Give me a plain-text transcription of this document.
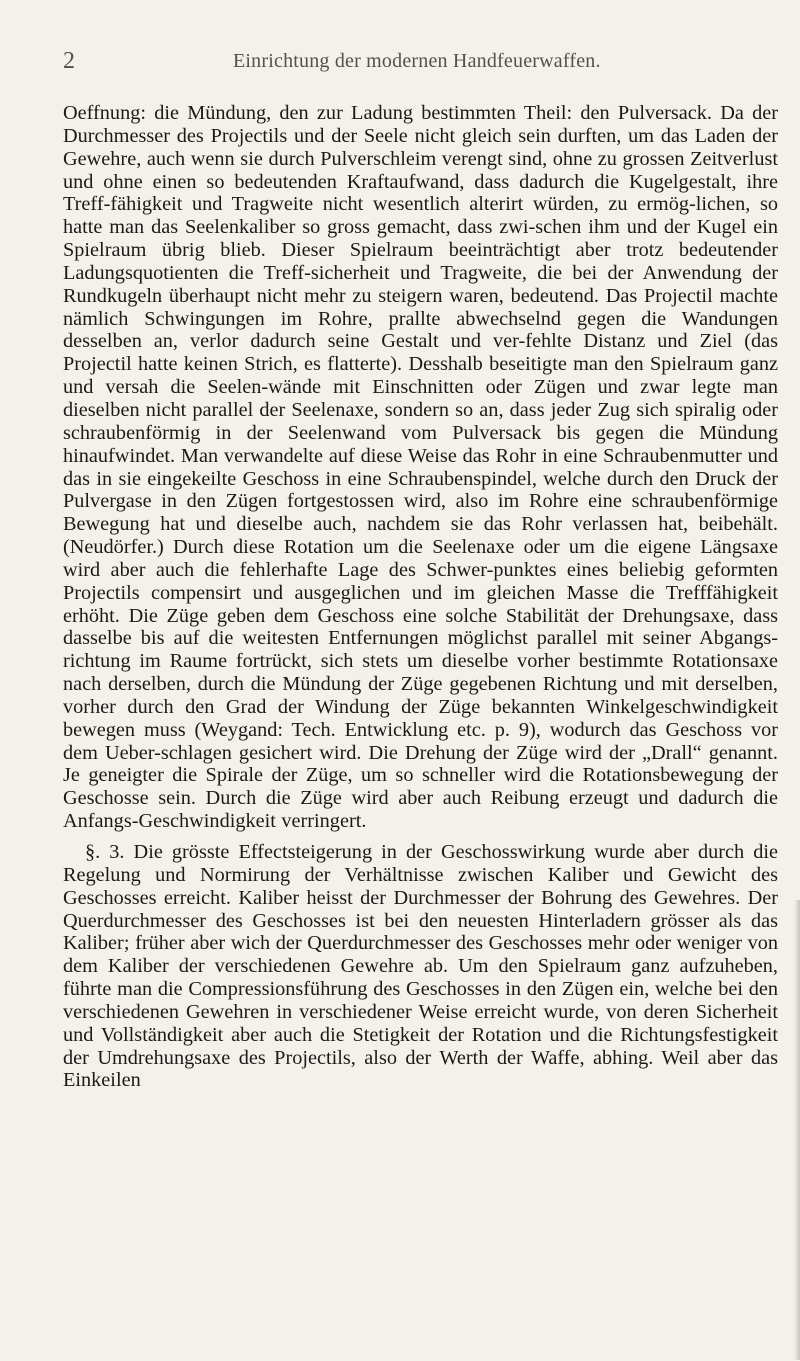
2	Einrichtung der modernen Handfeuerwaffen.

Oeffnung: die Mündung, den zur Ladung bestimmten Theil: den Pulversack. Da der Durchmesser des Projectils und der Seele nicht gleich sein durften, um das Laden der Gewehre, auch wenn sie durch Pulverschleim verengt sind, ohne zu grossen Zeitverlust und ohne einen so bedeutenden Kraftaufwand, dass dadurch die Kugelgestalt, ihre Treff-fähigkeit und Tragweite nicht wesentlich alterirt würden, zu ermög-lichen, so hatte man das Seelenkaliber so gross gemacht, dass zwi-schen ihm und der Kugel ein Spielraum übrig blieb. Dieser Spielraum beeinträchtigt aber trotz bedeutender Ladungsquotienten die Treff-sicherheit und Tragweite, die bei der Anwendung der Rundkugeln überhaupt nicht mehr zu steigern waren, bedeutend. Das Projectil machte nämlich Schwingungen im Rohre, prallte abwechselnd gegen die Wandungen desselben an, verlor dadurch seine Gestalt und ver-fehlte Distanz und Ziel (das Projectil hatte keinen Strich, es flatterte). Desshalb beseitigte man den Spielraum ganz und versah die Seelen-wände mit Einschnitten oder Zügen und zwar legte man dieselben nicht parallel der Seelenaxe, sondern so an, dass jeder Zug sich spiralig oder schraubenförmig in der Seelenwand vom Pulversack bis gegen die Mündung hinaufwindet. Man verwandelte auf diese Weise das Rohr in eine Schraubenmutter und das in sie eingekeilte Geschoss in eine Schraubenspindel, welche durch den Druck der Pulvergase in den Zügen fortgestossen wird, also im Rohre eine schraubenförmige Bewegung hat und dieselbe auch, nachdem sie das Rohr verlassen hat, beibehält. (Neudörfer.) Durch diese Rotation um die Seelenaxe oder um die eigene Längsaxe wird aber auch die fehlerhafte Lage des Schwer-punktes eines beliebig geformten Projectils compensirt und ausgeglichen und im gleichen Masse die Trefffähigkeit erhöht. Die Züge geben dem Geschoss eine solche Stabilität der Drehungsaxe, dass dasselbe bis auf die weitesten Entfernungen möglichst parallel mit seiner Abgangs-richtung im Raume fortrückt, sich stets um dieselbe vorher bestimmte Rotationsaxe nach derselben, durch die Mündung der Züge gegebenen Richtung und mit derselben, vorher durch den Grad der Windung der Züge bekannten Winkelgeschwindigkeit bewegen muss (Weygand: Tech. Entwicklung etc. p. 9), wodurch das Geschoss vor dem Ueber-schlagen gesichert wird. Die Drehung der Züge wird der „Drall“ genannt. Je geneigter die Spirale der Züge, um so schneller wird die Rotationsbewegung der Geschosse sein. Durch die Züge wird aber auch Reibung erzeugt und dadurch die Anfangs-Geschwindigkeit verringert.

§. 3. Die grösste Effectsteigerung in der Geschosswirkung wurde aber durch die Regelung und Normirung der Verhältnisse zwischen Kaliber und Gewicht des Geschosses erreicht. Kaliber heisst der Durchmesser der Bohrung des Gewehres. Der Querdurchmesser des Geschosses ist bei den neuesten Hinterladern grösser als das Kaliber; früher aber wich der Querdurchmesser des Geschosses mehr oder weniger von dem Kaliber der verschiedenen Gewehre ab. Um den Spielraum ganz aufzuheben, führte man die Compressionsführung des Geschosses in den Zügen ein, welche bei den verschiedenen Gewehren in verschiedener Weise erreicht wurde, von deren Sicherheit und Vollständigkeit aber auch die Stetigkeit der Rotation und die Richtungsfestigkeit der Umdrehungsaxe des Projectils, also der Werth der Waffe, abhing. Weil aber das Einkeilen
